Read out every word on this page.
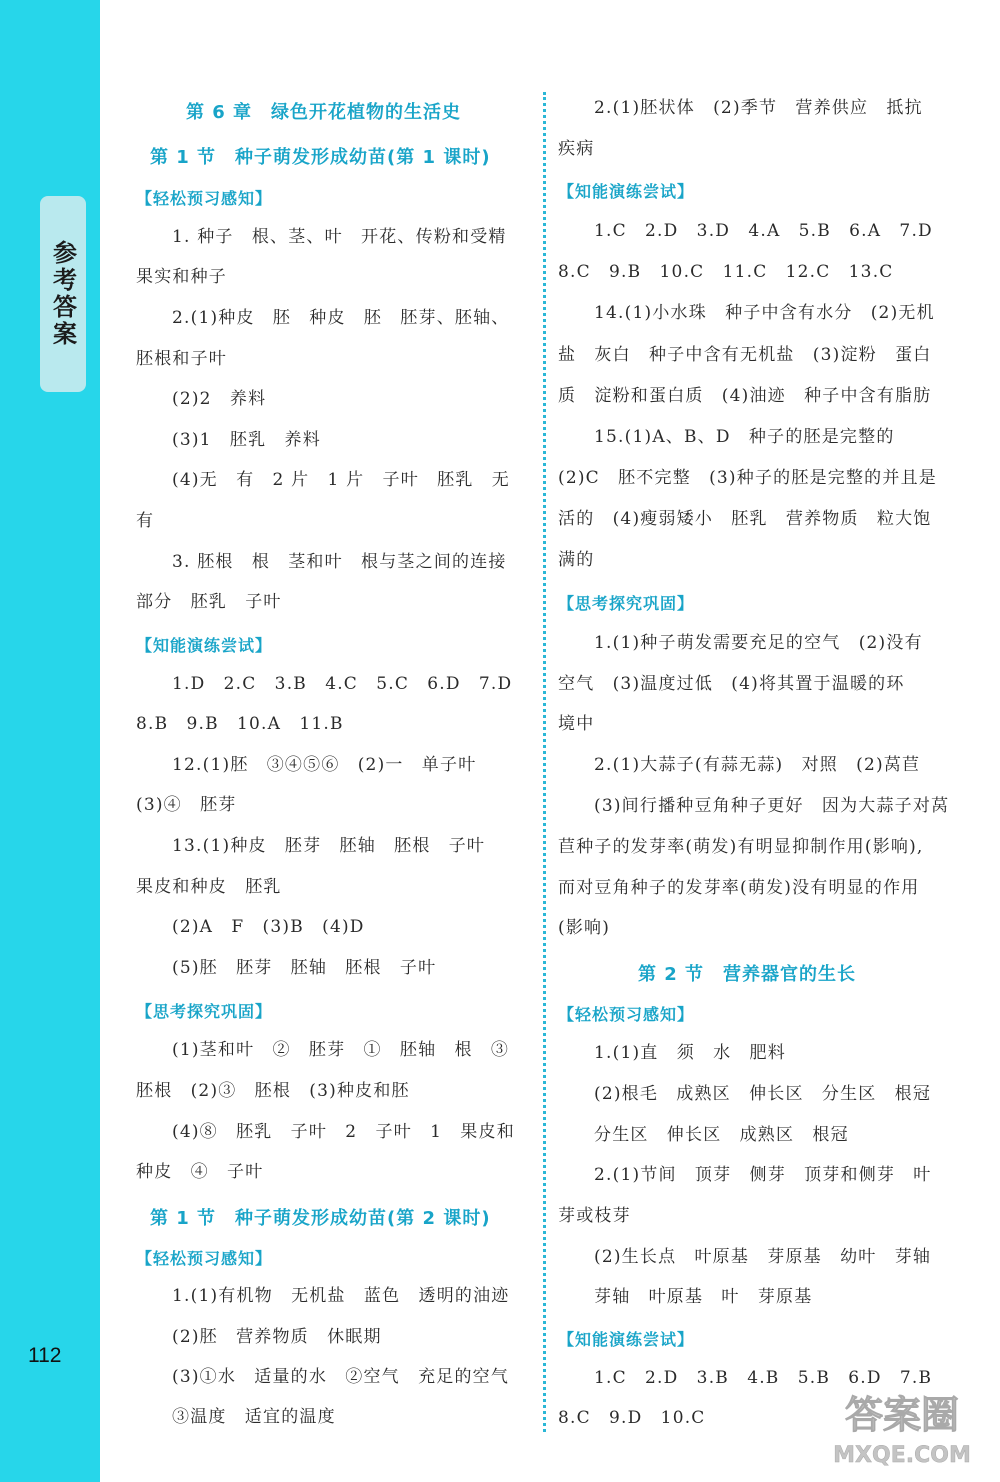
参考答案
112
第 6 章　绿色开花植物的生活史
第 1 节　种子萌发形成幼苗(第 1 课时)
【轻松预习感知】
1. 种子　根、茎、叶　开花、传粉和受精
果实和种子
2.(1)种皮　胚　种皮　胚　胚芽、胚轴、
胚根和子叶
(2)2　养料
(3)1　胚乳　养料
(4)无　有　2 片　1 片　子叶　胚乳　无
有
3. 胚根　根　茎和叶　根与茎之间的连接
部分　胚乳　子叶
【知能演练尝试】
1.D　2.C　3.B　4.C　5.C　6.D　7.D
8.B　9.B　10.A　11.B
12.(1)胚　③④⑤⑥　(2)一　单子叶
(3)④　胚芽
13.(1)种皮　胚芽　胚轴　胚根　子叶
果皮和种皮　胚乳
(2)A　F　(3)B　(4)D
(5)胚　胚芽　胚轴　胚根　子叶
【思考探究巩固】
(1)茎和叶　②　胚芽　①　胚轴　根　③
胚根　(2)③　胚根　(3)种皮和胚
(4)⑧　胚乳　子叶　2　子叶　1　果皮和
种皮　④　子叶
第 1 节　种子萌发形成幼苗(第 2 课时)
【轻松预习感知】
1.(1)有机物　无机盐　蓝色　透明的油迹
(2)胚　营养物质　休眠期
(3)①水　适量的水　②空气　充足的空气
③温度　适宜的温度
2.(1)胚状体　(2)季节　营养供应　抵抗
疾病
【知能演练尝试】
1.C　2.D　3.D　4.A　5.B　6.A　7.D
8.C　9.B　10.C　11.C　12.C　13.C
14.(1)小水珠　种子中含有水分　(2)无机
盐　灰白　种子中含有无机盐　(3)淀粉　蛋白
质　淀粉和蛋白质　(4)油迹　种子中含有脂肪
15.(1)A、B、D　种子的胚是完整的
(2)C　胚不完整　(3)种子的胚是完整的并且是
活的　(4)瘦弱矮小　胚乳　营养物质　粒大饱
满的
【思考探究巩固】
1.(1)种子萌发需要充足的空气　(2)没有
空气　(3)温度过低　(4)将其置于温暖的环
境中
2.(1)大蒜子(有蒜无蒜)　对照　(2)莴苣
(3)间行播种豆角种子更好　因为大蒜子对莴
苣种子的发芽率(萌发)有明显抑制作用(影响),
而对豆角种子的发芽率(萌发)没有明显的作用
(影响)
第 2 节　营养器官的生长
【轻松预习感知】
1.(1)直　须　水　肥料
(2)根毛　成熟区　伸长区　分生区　根冠
分生区　伸长区　成熟区　根冠
2.(1)节间　顶芽　侧芽　顶芽和侧芽　叶
芽或枝芽
(2)生长点　叶原基　芽原基　幼叶　芽轴
芽轴　叶原基　叶　芽原基
【知能演练尝试】
1.C　2.D　3.B　4.B　5.B　6.D　7.B
8.C　9.D　10.C	答案圈
MXQE.COM
